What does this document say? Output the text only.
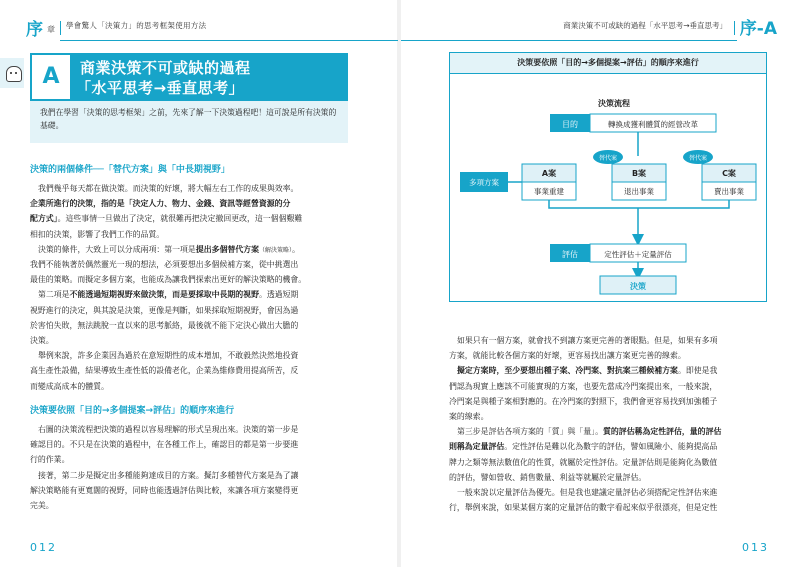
序 章 學會驚人「決策力」的思考框架使用方法
A	商業決策不可或缺的過程
「水平思考→垂直思考」
我們在學習「決策的思考框架」之前，先來了解一下決策過程吧！這可說是所有決策的基礎。
決策的兩個條件──「替代方案」與「中長期視野」
我們幾乎每天都在做決策。而決策的好壞，將大幅左右工作的成果與效率。
企業所進行的決策，指的是「決定人力、物力、金錢、資訊等經營資源的分
配方式」。這些事情一旦做出了決定，就很難再把決定撤回更改，這一個個艱難
相扣的決策，影響了我們工作的品質。
決策的條件，大致上可以分成兩項：第一項是提出多個替代方案（解決策略）。
我們不能執著於偶然靈光一現的想法，必須要想出多個候補方案，從中挑選出
最佳的策略。而擬定多個方案，也能成為讓我們探索出更好的解決策略的機會。
第二項是不能透過短期視野來做決策，而是要採取中長期的視野。透過短期
視野進行的決定，與其說是決策，更像是判斷，如果採取短期視野，會因為過
於害怕失敗，無法跳脫一直以來的思考脈絡，最後就不能下定決心做出大膽的
決策。
舉例來說，許多企業因為過於在意短期性的成本增加，不敢毅然決然地投資
高生產性設備，結果導致生產性低的設備老化，企業為維修費用提高所苦，反
而變成高成本的體質。
決策要依照「目的→多個提案→評估」的順序來進行
右圖的決策流程把決策的過程以容易理解的形式呈現出來。決策的第一步是
確認目的。不只是在決策的過程中，在各種工作上，確認目的都是第一步要進
行的作業。
接著，第二步是擬定出多種能夠達成目的方案。擬訂多種替代方案是為了讓
解決策略能有更寬闊的視野，同時也能透過評估與比較，來讓各項方案變得更
完美。
012
商業決策不可或缺的過程「水平思考→垂直思考」 序-A
決策要依照「目的→多個提案→評估」的順序來進行
決策流程
目的	轉換成獲利體質的經營改革
多項方案
A案
事業重建
B案
退出事業
C案
賣出事業
替代案	替代案
評估	定性評估＋定量評估
決策
如果只有一個方案，就會找不到讓方案更完善的著眼點。但是，如果有多項
方案，就能比較各個方案的好壞，更容易找出讓方案更完善的線索。
擬定方案時，至少要想出種子案、冷門案、對抗案三種候補方案。即使是我
們認為現實上應該不可能實現的方案，也要先當成冷門案提出來，一般來說，
冷門案是與種子案相對應的。在冷門案的對照下，我們會更容易找到加強種子
案的線索。
第三步是評估各項方案的「質」與「量」。質的評估稱為定性評估，量的評估
則稱為定量評估。定性評估是難以化為數字的評估，譬如風險小、能夠提高品
牌力之類等無法數值化的性質，就屬於定性評估。定量評估則是能夠化為數值
的評估，譬如營收、銷售數量、利益等就屬於定量評估。
一般來說以定量評估為優先。但是我也建議定量評估必須搭配定性評估來進
行，舉例來說，如果某個方案的定量評估的數字看起來似乎很漂亮，但是定性
013
